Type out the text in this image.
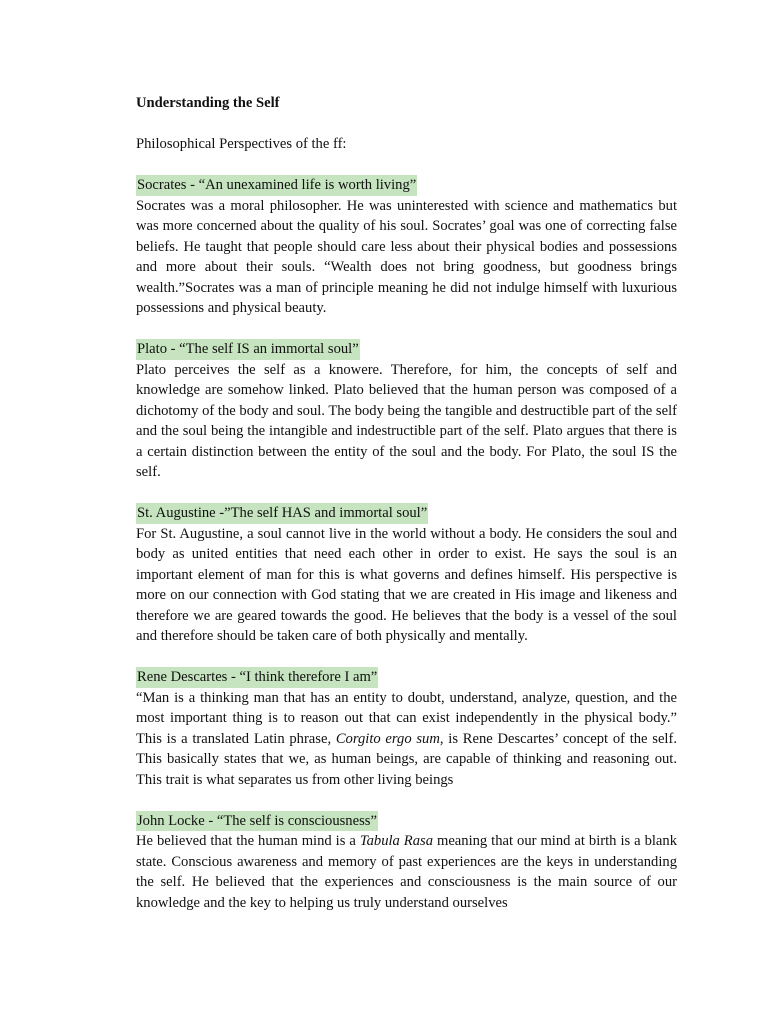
Understanding the Self
Philosophical Perspectives of the ff:
Socrates - “An unexamined life is worth living”

Socrates was a moral philosopher. He was uninterested with science and mathematics but was more concerned about the quality of his soul. Socrates’ goal was one of correcting false beliefs. He taught that people should care less about their physical bodies and possessions and more about their souls. “Wealth does not bring goodness, but goodness brings wealth.”Socrates was a man of principle meaning he did not indulge himself with luxurious possessions and physical beauty.

Plato - “The self IS an immortal soul”

Plato perceives the self as a knowere. Therefore, for him, the concepts of self and knowledge are somehow linked. Plato believed that the human person was composed of a dichotomy of the body and soul. The body being the tangible and destructible part of the self and the soul being the intangible and indestructible part of the self. Plato argues that there is a certain distinction between the entity of the soul and the body. For Plato, the soul IS the self.

St. Augustine -”The self HAS and immortal soul”

For St. Augustine, a soul cannot live in the world without a body. He considers the soul and body as united entities that need each other in order to exist. He says the soul is an important element of man for this is what governs and defines himself. His perspective is more on our connection with God stating that we are created in His image and likeness and therefore we are geared towards the good. He believes that the body is a vessel of the soul and therefore should be taken care of both physically and mentally.

Rene Descartes - “I think therefore I am”

“Man is a thinking man that has an entity to doubt, understand, analyze, question, and the most important thing is to reason out that can exist independently in the physical body.” This is a translated Latin phrase, Corgito ergo sum, is Rene Descartes’ concept of the self. This basically states that we, as human beings, are capable of thinking and reasoning out. This trait is what separates us from other living beings

John Locke - “The self is consciousness”

He believed that the human mind is a Tabula Rasa meaning that our mind at birth is a blank state. Conscious awareness and memory of past experiences are the keys in understanding the self. He believed that the experiences and consciousness is the main source of our knowledge and the key to helping us truly understand ourselves
